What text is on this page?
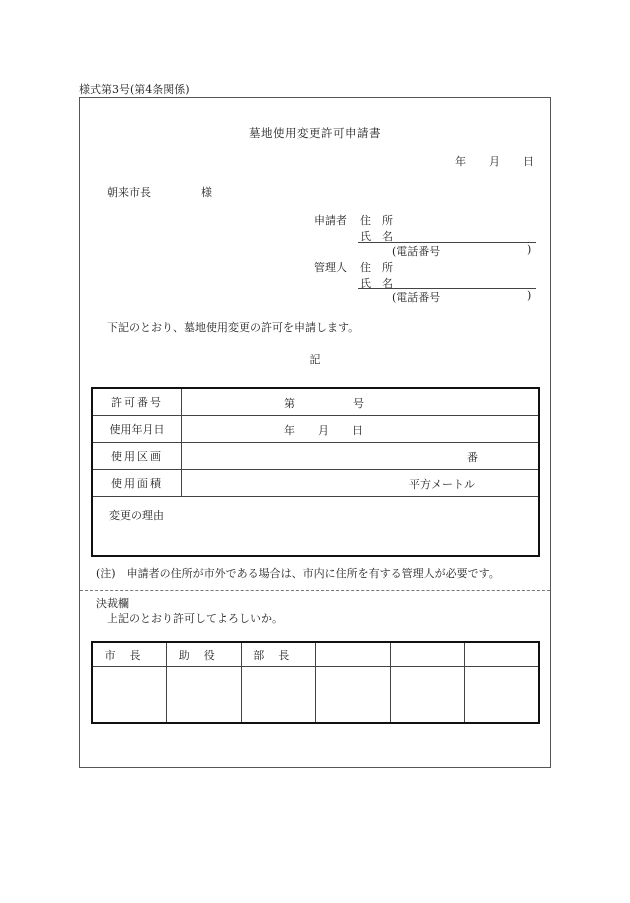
様式第3号(第4条関係)
墓地使用変更許可申請書
年 月 日
朝来市長	様
申請者 住　所
氏　名
(電話番号	)
管理人 住　所
氏　名
(電話番号	)
下記のとおり、墓地使用変更の許可を申請します。
記
許可番号	第 号

使用年月日	年 月 日

使用区画	番

使用面積	平方メートル

変更の理由	
(注)　申請者の住所が市外である場合は、市内に住所を有する管理人が必要です。
決裁欄
上記のとおり許可してよろしいか。
市長	助役	部長			
